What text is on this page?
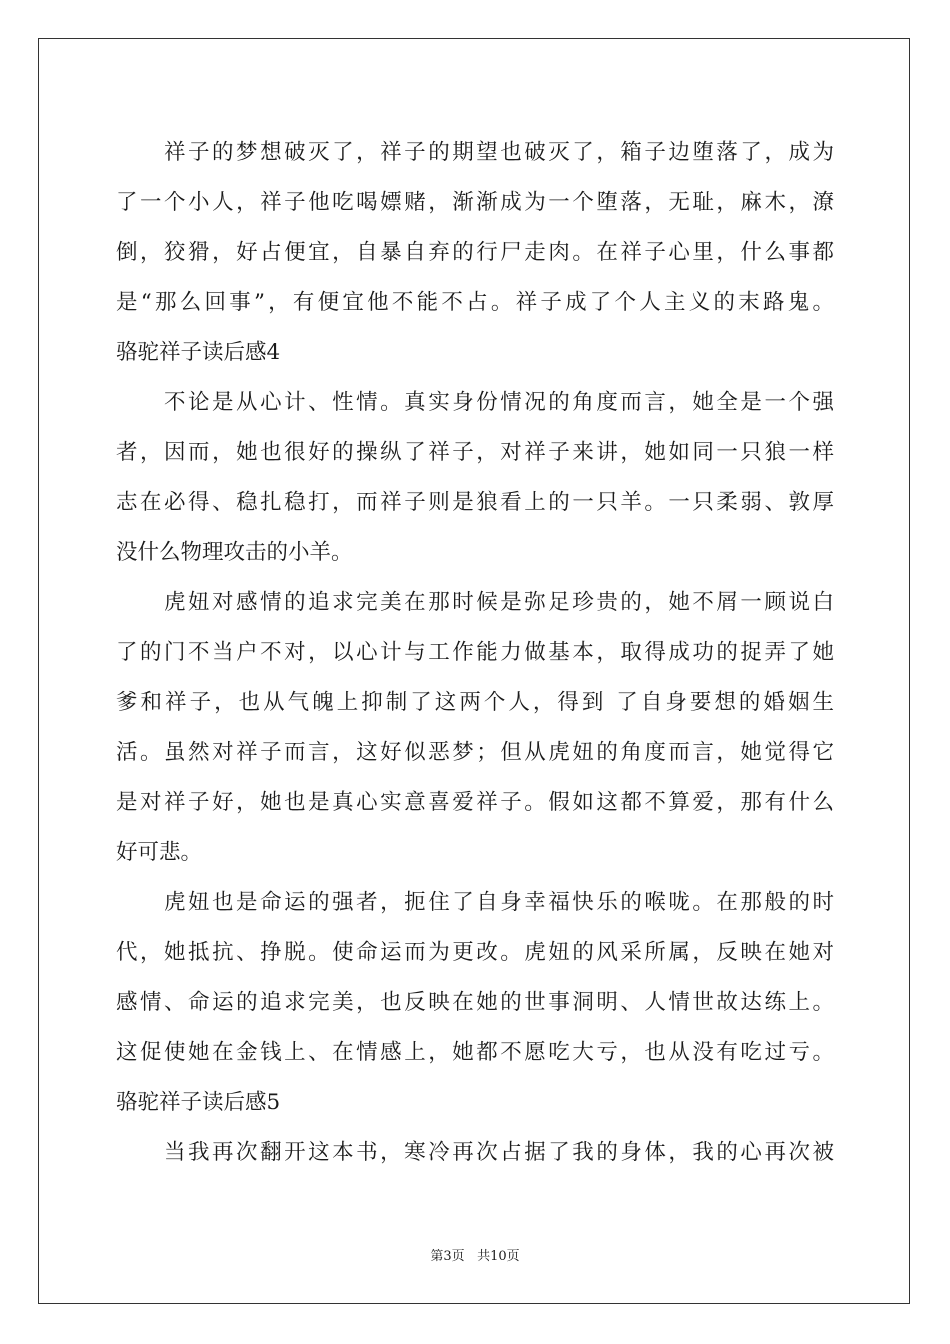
祥子的梦想破灭了，祥子的期望也破灭了，箱子边堕落了，成为
了一个小人，祥子他吃喝嫖赌，渐渐成为一个堕落，无耻，麻木，潦
倒，狡猾，好占便宜，自暴自弃的行尸走肉。在祥子心里，什么事都
是“那么回事”，有便宜他不能不占。祥子成了个人主义的末路鬼。
骆驼祥子读后感4
不论是从心计、性情。真实身份情况的角度而言，她全是一个强
者，因而，她也很好的操纵了祥子，对祥子来讲，她如同一只狼一样
志在必得、稳扎稳打，而祥子则是狼看上的一只羊。一只柔弱、敦厚
没什么物理攻击的小羊。
虎妞对感情的追求完美在那时候是弥足珍贵的，她不屑一顾说白
了的门不当户不对，以心计与工作能力做基本，取得成功的捉弄了她
爹和祥子，也从气魄上抑制了这两个人，得到 了自身要想的婚姻生
活。虽然对祥子而言，这好似恶梦；但从虎妞的角度而言，她觉得它
是对祥子好，她也是真心实意喜爱祥子。假如这都不算爱，那有什么
好可悲。
虎妞也是命运的强者，扼住了自身幸福快乐的喉咙。在那般的时
代，她抵抗、挣脱。使命运而为更改。虎妞的风采所属，反映在她对
感情、命运的追求完美，也反映在她的世事洞明、人情世故达练上。
这促使她在金钱上、在情感上，她都不愿吃大亏，也从没有吃过亏。
骆驼祥子读后感5
当我再次翻开这本书，寒冷再次占据了我的身体，我的心再次被
第3页 共10页
